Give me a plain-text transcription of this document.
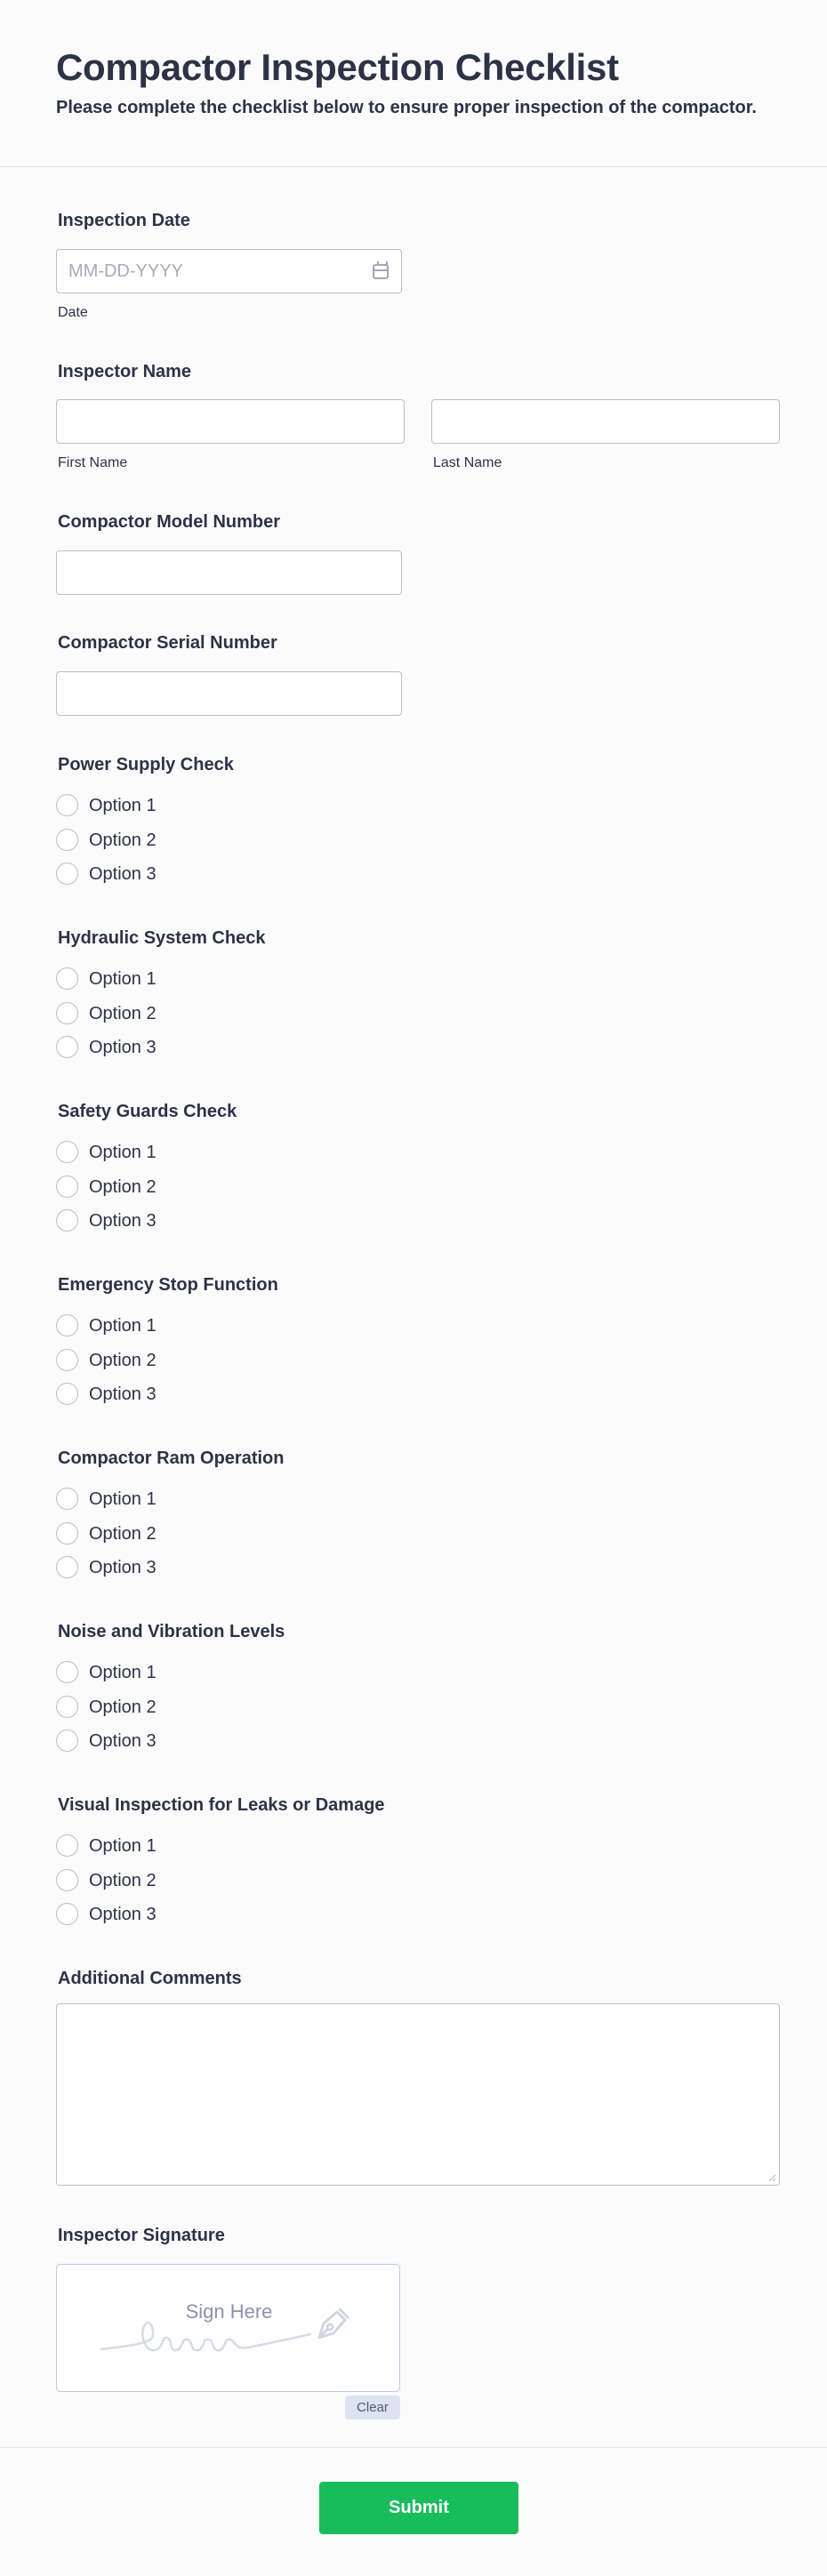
Compactor Inspection Checklist
Please complete the checklist below to ensure proper inspection of the compactor.
Inspection Date
MM-DD-YYYY
Date
Inspector Name
First Name	Last Name
Compactor Model Number
Compactor Serial Number
Power Supply Check
Option 1
Option 2
Option 3
Hydraulic System Check
Option 1
Option 2
Option 3
Safety Guards Check
Option 1
Option 2
Option 3
Emergency Stop Function
Option 1
Option 2
Option 3
Compactor Ram Operation
Option 1
Option 2
Option 3
Noise and Vibration Levels
Option 1
Option 2
Option 3
Visual Inspection for Leaks or Damage
Option 1
Option 2
Option 3
Additional Comments
Inspector Signature
Sign Here
Clear
Submit
